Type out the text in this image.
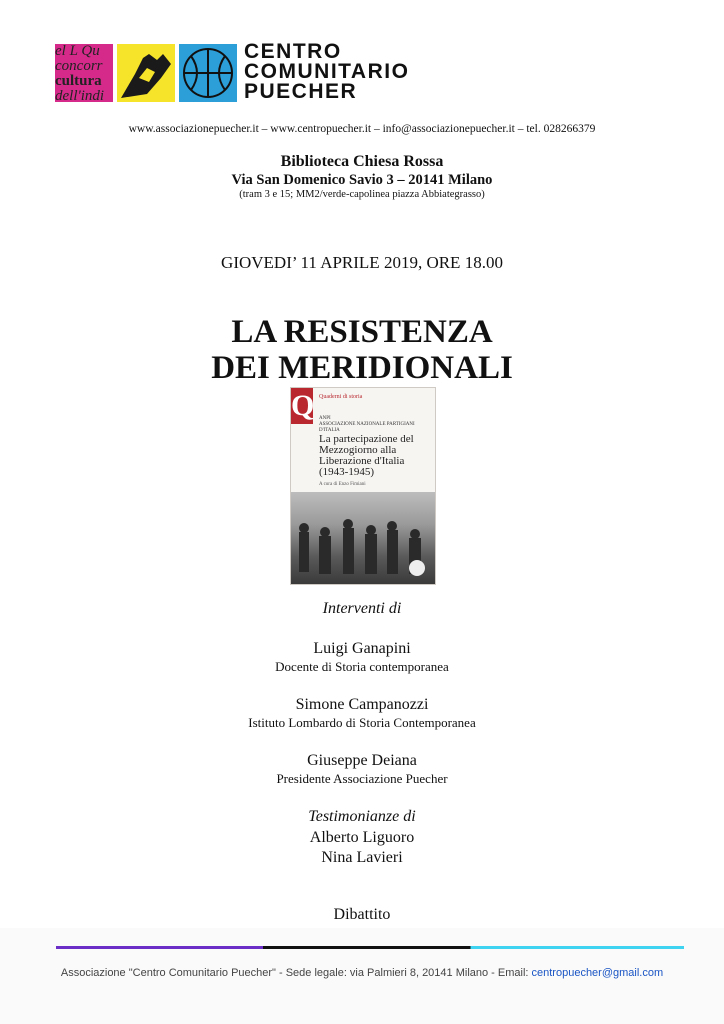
el L Qu
concorr
cultura
dell'indi
CENTRO
COMUNITARIO
PUECHER
www.associazionepuecher.it – www.centropuecher.it – info@associazionepuecher.it – tel. 028266379
Biblioteca Chiesa Rossa
Via San Domenico Savio 3 – 20141 Milano
(tram 3 e 15; MM2/verde-capolinea piazza Abbiategrasso)
GIOVEDI’ 11 APRILE 2019, ORE 18.00
LA RESISTENZA
DEI MERIDIONALI
Q Quaderni di storia
ANPI
ASSOCIAZIONE NAZIONALE PARTIGIANI D'ITALIA
La partecipazione del Mezzogiorno alla Liberazione d'Italia (1943-1945)
A cura di Enzo Fimiani
Interventi di
Luigi Ganapini
Docente di Storia contemporanea
Simone Campanozzi
Istituto Lombardo di Storia Contemporanea
Giuseppe Deiana
Presidente Associazione Puecher
Testimonianze di
Alberto Liguoro
Nina Lavieri
Dibattito
Associazione "Centro Comunitario Puecher" - Sede legale: via Palmieri 8, 20141 Milano - Email: centropuecher@gmail.com
